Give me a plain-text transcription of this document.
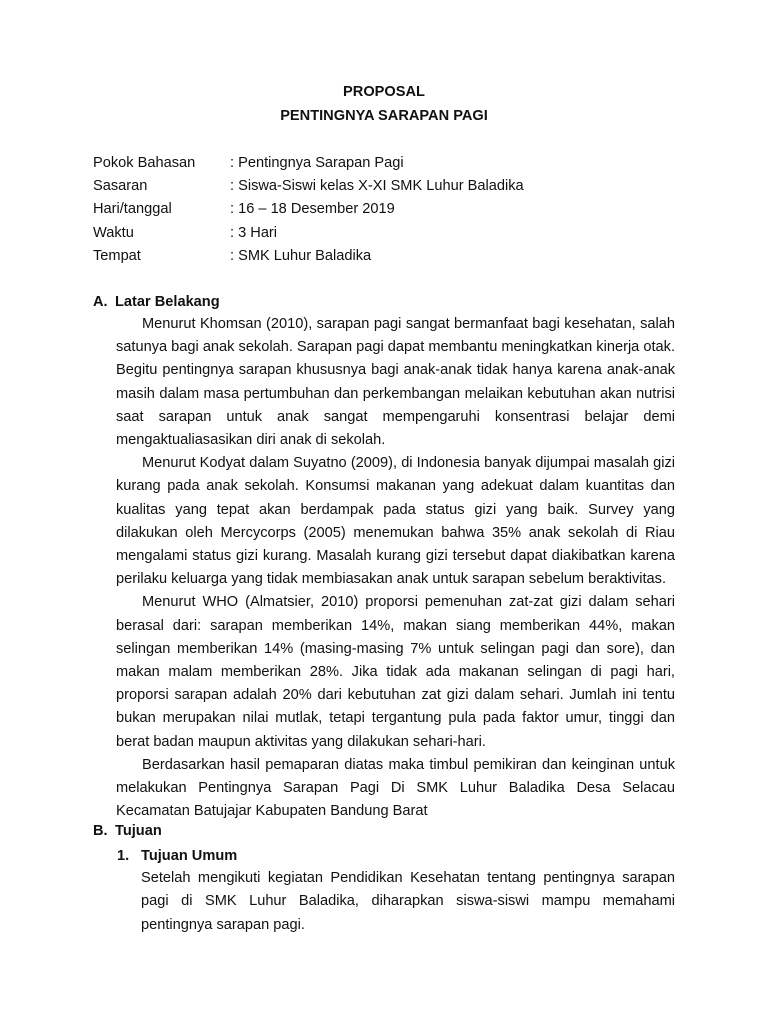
PROPOSAL
PENTINGNYA SARAPAN PAGI
Pokok Bahasan : Pentingnya Sarapan Pagi
Sasaran	: Siswa-Siswi kelas X-XI SMK Luhur Baladika
Hari/tanggal	: 16 – 18 Desember 2019
Waktu	: 3 Hari
Tempat	: SMK Luhur Baladika
A. Latar Belakang

Menurut Khomsan (2010), sarapan pagi sangat bermanfaat bagi kesehatan, salah satunya bagi anak sekolah. Sarapan pagi dapat membantu meningkatkan kinerja otak. Begitu pentingnya sarapan khususnya bagi anak-anak tidak hanya karena anak-anak masih dalam masa pertumbuhan dan perkembangan melaikan kebutuhan akan nutrisi saat sarapan untuk anak sangat mempengaruhi konsentrasi belajar demi mengaktualiasasikan diri anak di sekolah.

Menurut Kodyat dalam Suyatno (2009), di Indonesia banyak dijumpai masalah gizi kurang pada anak sekolah. Konsumsi makanan yang adekuat dalam kuantitas dan kualitas yang tepat akan berdampak pada status gizi yang baik. Survey yang dilakukan oleh Mercycorps (2005) menemukan bahwa 35% anak sekolah di Riau mengalami status gizi kurang. Masalah kurang gizi tersebut dapat diakibatkan karena perilaku keluarga yang tidak membiasakan anak untuk sarapan sebelum beraktivitas.

Menurut WHO (Almatsier, 2010) proporsi pemenuhan zat-zat gizi dalam sehari berasal dari: sarapan memberikan 14%, makan siang memberikan 44%, makan selingan memberikan 14% (masing-masing 7% untuk selingan pagi dan sore), dan makan malam memberikan 28%. Jika tidak ada makanan selingan di pagi hari, proporsi sarapan adalah 20% dari kebutuhan zat gizi dalam sehari. Jumlah ini tentu bukan merupakan nilai mutlak, tetapi tergantung pula pada faktor umur, tinggi dan berat badan maupun aktivitas yang dilakukan sehari-hari.

Berdasarkan hasil pemaparan diatas maka timbul pemikiran dan keinginan untuk melakukan Pentingnya Sarapan Pagi Di SMK Luhur Baladika Desa Selacau Kecamatan Batujajar Kabupaten Bandung Barat

B. Tujuan
1. Tujuan Umum

Setelah mengikuti kegiatan Pendidikan Kesehatan tentang pentingnya sarapan pagi di SMK Luhur Baladika, diharapkan siswa-siswi mampu memahami pentingnya sarapan pagi.
